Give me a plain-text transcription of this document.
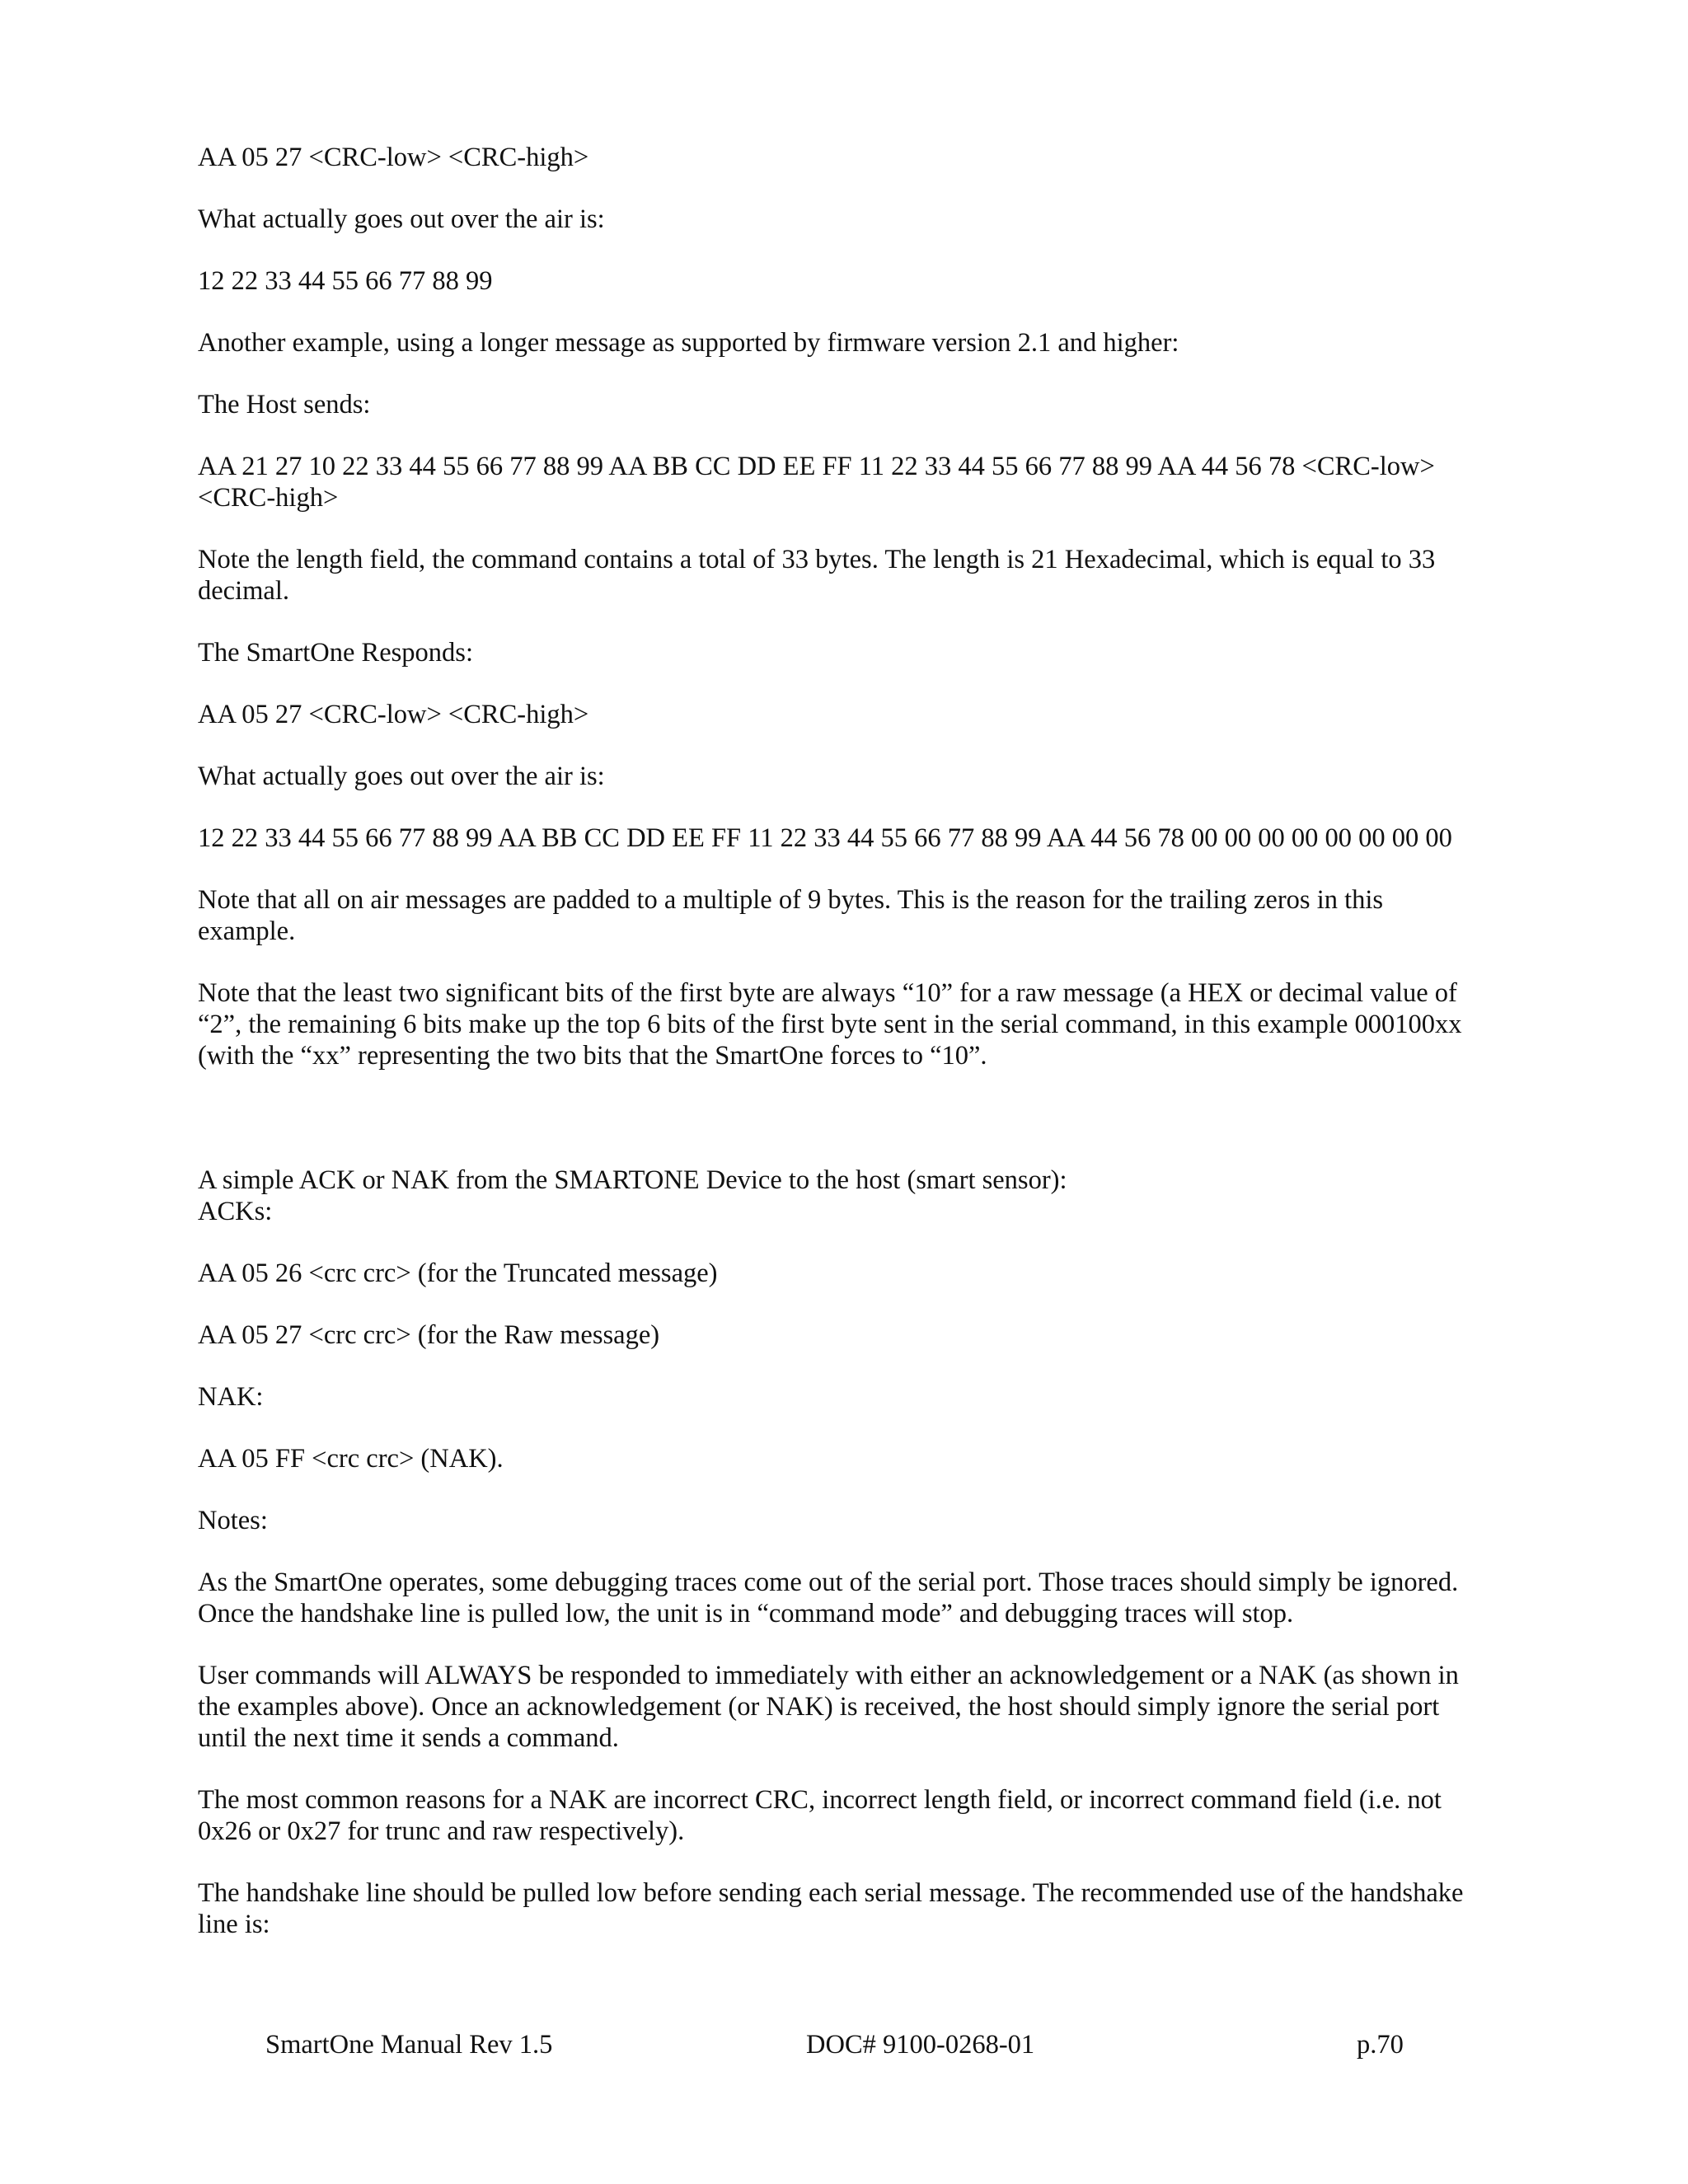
AA 05 27 <CRC-low> <CRC-high>

What actually goes out over the air is:

12 22 33 44 55 66 77 88 99

Another example, using a longer message as supported by firmware version 2.1 and higher:

The Host sends:

AA 21 27 10 22 33 44 55 66 77 88 99 AA BB CC DD EE FF 11 22 33 44 55 66 77 88 99 AA 44 56 78 <CRC-low> <CRC-high>

Note the length field, the command contains a total of 33 bytes. The length is 21 Hexadecimal, which is equal to 33 decimal.

The SmartOne Responds:

AA 05 27 <CRC-low> <CRC-high>

What actually goes out over the air is:

12 22 33 44 55 66 77 88 99 AA BB CC DD EE FF 11 22 33 44 55 66 77 88 99 AA 44 56 78 00 00 00 00 00 00 00 00

Note that all on air messages are padded to a multiple of 9 bytes. This is the reason for the trailing zeros in this example.

Note that the least two significant bits of the first byte are always “10” for a raw message (a HEX or decimal value of “2”, the remaining 6 bits make up the top 6 bits of the first byte sent in the serial command, in this example 000100xx (with the “xx” representing the two bits that the SmartOne forces to “10”.

A simple ACK or NAK from the SMARTONE Device to the host (smart sensor):

ACKs:

AA 05 26 <crc crc> (for the Truncated message)

AA 05 27 <crc crc> (for the Raw message)

NAK:

AA 05 FF <crc crc> (NAK).

Notes:

As the SmartOne operates, some debugging traces come out of the serial port. Those traces should simply be ignored. Once the handshake line is pulled low, the unit is in “command mode” and debugging traces will stop.

User commands will ALWAYS be responded to immediately with either an acknowledgement or a NAK (as shown in the examples above). Once an acknowledgement (or NAK) is received, the host should simply ignore the serial port until the next time it sends a command.

The most common reasons for a NAK are incorrect CRC, incorrect length field, or incorrect command field (i.e. not 0x26 or 0x27 for trunc and raw respectively).

The handshake line should be pulled low before sending each serial message. The recommended use of the handshake line is:

SmartOne Manual Rev 1.5	DOC# 9100-0268-01	p.70
